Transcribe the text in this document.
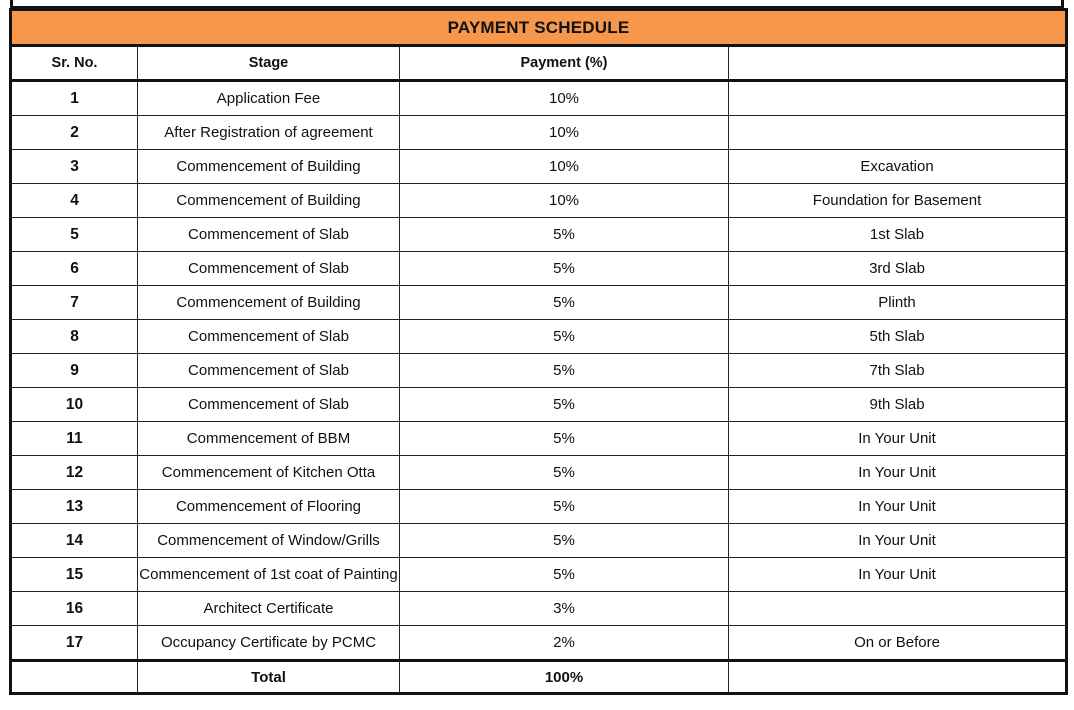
PAYMENT SCHEDULE			
Sr. No.	Stage	Payment (%)	
1	Application Fee	10%	
2	After Registration of agreement	10%	
3	Commencement of Building	10%	Excavation
4	Commencement of Building	10%	Foundation for Basement
5	Commencement of Slab	5%	1st Slab
6	Commencement of Slab	5%	3rd Slab
7	Commencement of Building	5%	Plinth
8	Commencement of Slab	5%	5th Slab
9	Commencement of Slab	5%	7th Slab
10	Commencement of Slab	5%	9th Slab
11	Commencement of BBM	5%	In Your Unit
12	Commencement of Kitchen Otta	5%	In Your Unit
13	Commencement of Flooring	5%	In Your Unit
14	Commencement of Window/Grills	5%	In Your Unit
15	Commencement of 1st coat of Painting	5%	In Your Unit
16	Architect Certificate	3%	
17	Occupancy Certificate by PCMC	2%	On or Before
	Total	100%	
